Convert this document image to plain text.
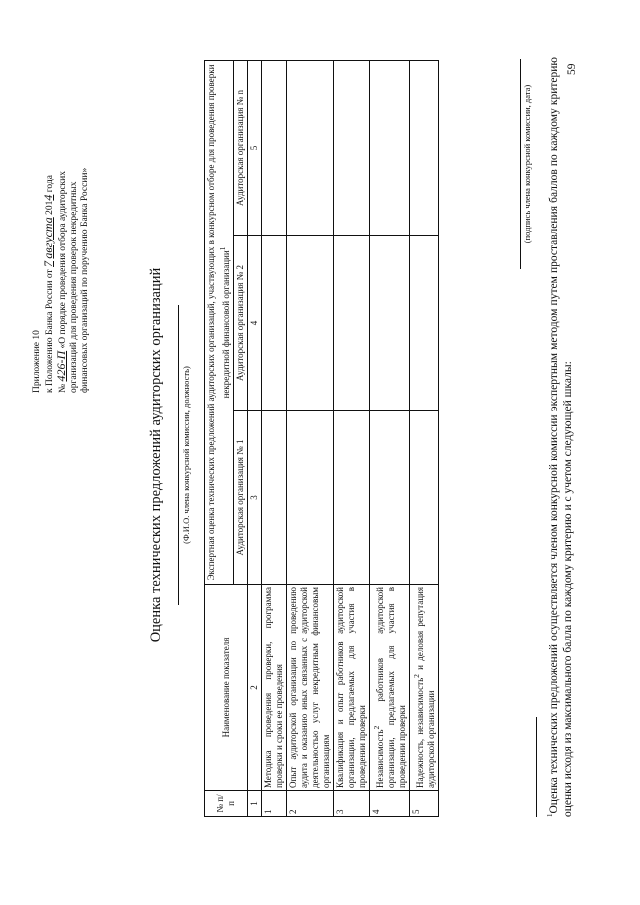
Приложение 10 к Положению Банка России от 7 августа 2014 года
№ 426-П «О порядке проведения отбора аудиторских организаций для проведения проверок некредитных финансовых организаций по поручению Банка России»	Оценка технических предложений аудиторских организаций (Ф.И.О. члена конкурсной комиссии, должность)
№ п/п	Наименование показателя	Экспертная оценка технических предложений аудиторских организаций, участвующих в конкурсном отборе для проведения проверки некредитной финансовой организации$^1$
		Аудиторская организация № 1	Аудиторская организация № 2	Аудиторская организация № n
1	2	3	4	5
1	Методика проведения проверки, программа проверки и сроки ее проведения			
2	Опыт аудиторской организации по проведению аудита и оказанию иных связанных с аудиторской деятельностью услуг некредитным финансовым организациям			
3	Квалификация и опыт работников аудиторской организации, предлагаемых для участия в проведении проверки			
4	Независимость$^2$ работников аудиторской организации, предлагаемых для участия в проведении проверки			
5	Надежность, независимость$^2$ и деловая репутация аудиторской организации			
(подпись члена конкурсной комиссии, дата)
$^1$Оценка технических предложений осуществляется членом конкурсной комиссии экспертным методом путем проставления баллов по каждому критерию оценки исходя из максимального балла по каждому критерию и с учетом следующей шкалы:
59
